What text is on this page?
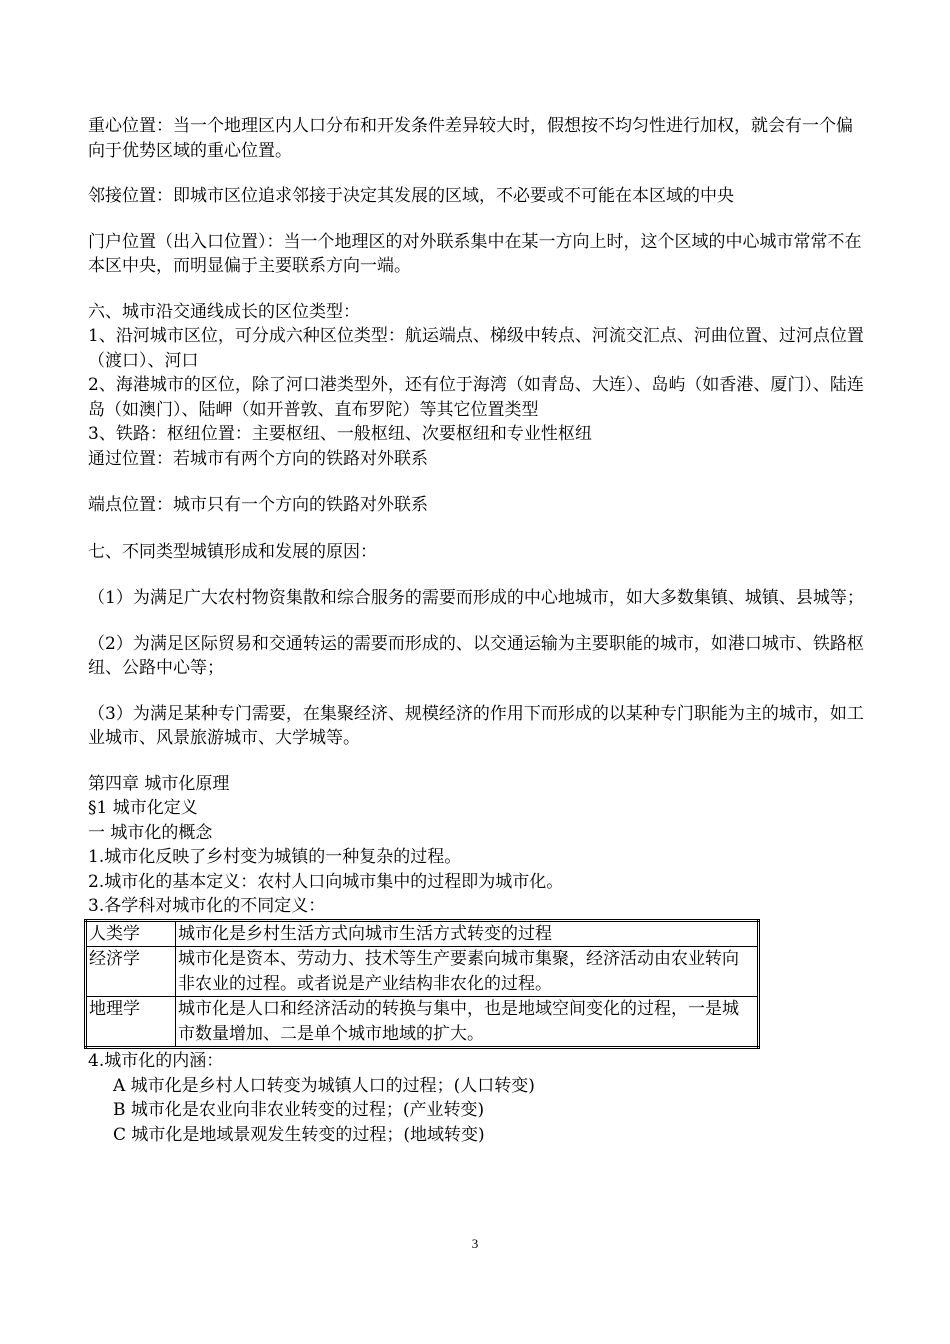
重心位置：当一个地理区内人口分布和开发条件差异较大时，假想按不均匀性进行加权，就会有一个偏向于优势区域的重心位置。

邻接位置：即城市区位追求邻接于决定其发展的区域，不必要或不可能在本区域的中央

门户位置（出入口位置）：当一个地理区的对外联系集中在某一方向上时，这个区域的中心城市常常不在本区中央，而明显偏于主要联系方向一端。

六、城市沿交通线成长的区位类型：

1、沿河城市区位，可分成六种区位类型：航运端点、梯级中转点、河流交汇点、河曲位置、过河点位置（渡口）、河口

2、海港城市的区位，除了河口港类型外，还有位于海湾（如青岛、大连）、岛屿（如香港、厦门）、陆连岛（如澳门）、陆岬（如开普敦、直布罗陀）等其它位置类型

3、铁路：枢纽位置：主要枢纽、一般枢纽、次要枢纽和专业性枢纽

通过位置：若城市有两个方向的铁路对外联系

端点位置：城市只有一个方向的铁路对外联系

七、不同类型城镇形成和发展的原因：

（1）为满足广大农村物资集散和综合服务的需要而形成的中心地城市，如大多数集镇、城镇、县城等；

（2）为满足区际贸易和交通转运的需要而形成的、以交通运输为主要职能的城市，如港口城市、铁路枢纽、公路中心等；

（3）为满足某种专门需要，在集聚经济、规模经济的作用下而形成的以某种专门职能为主的城市，如工业城市、风景旅游城市、大学城等。

第四章 城市化原理

§1 城市化定义

一 城市化的概念

1.城市化反映了乡村变为城镇的一种复杂的过程。

2.城市化的基本定义：农村人口向城市集中的过程即为城市化。

3.各学科对城市化的不同定义：

人类学	城市化是乡村生活方式向城市生活方式转变的过程
经济学	城市化是资本、劳动力、技术等生产要素向城市集聚，经济活动由农业转向非农业的过程。或者说是产业结构非农化的过程。
地理学	城市化是人口和经济活动的转换与集中，也是地域空间变化的过程，一是城市数量增加、二是单个城市地域的扩大。

4.城市化的内涵：

A 城市化是乡村人口转变为城镇人口的过程；(人口转变)

B 城市化是农业向非农业转变的过程；(产业转变)

C 城市化是地域景观发生转变的过程；(地域转变)

3
